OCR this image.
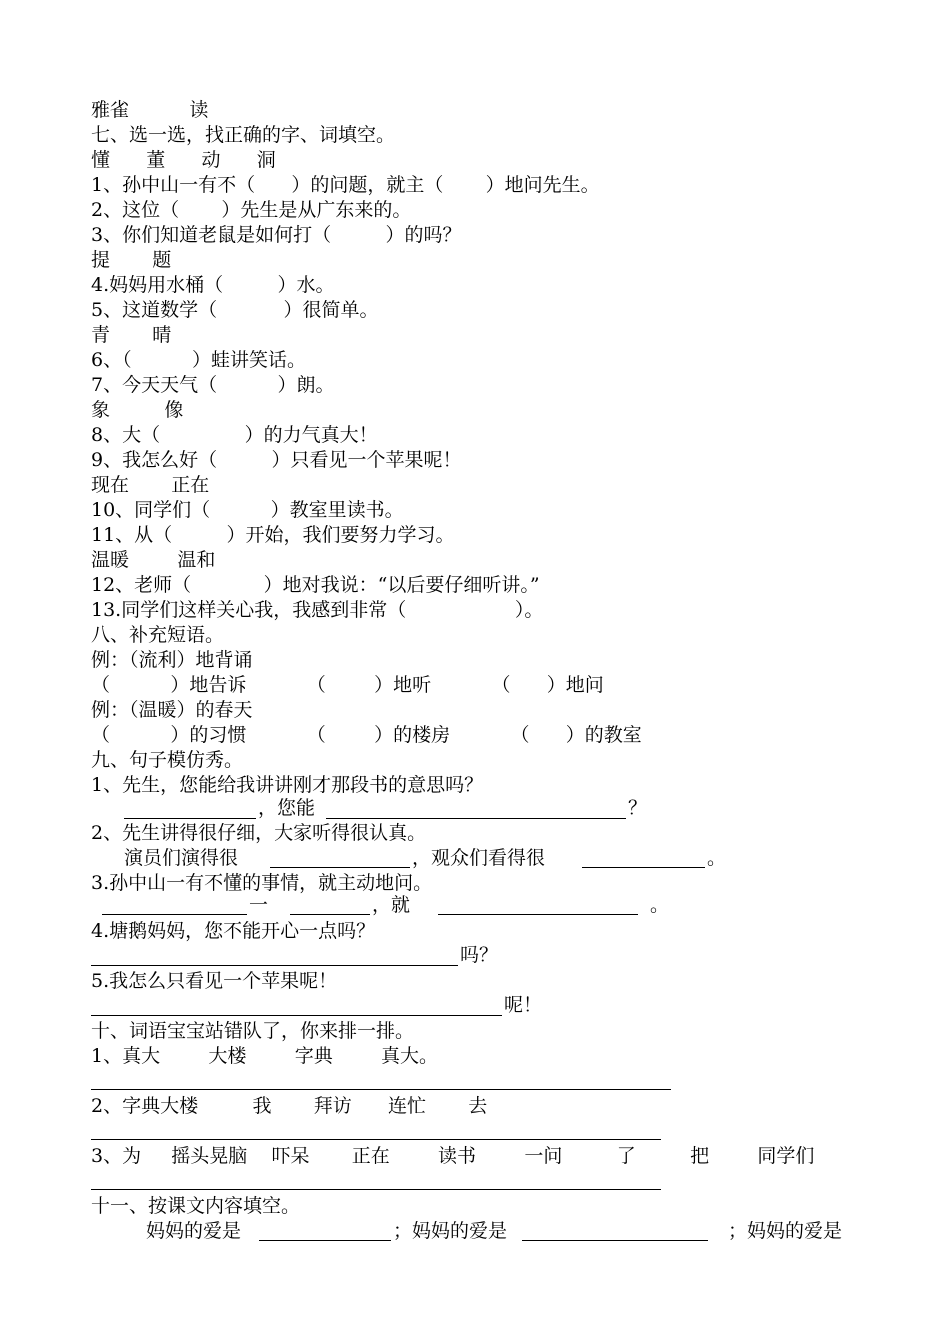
雅雀          读

七、选一选，找正确的字、词填空。

懂      董      动      洞

1、孙中山一有不（      ）的问题，就主（       ）地问先生。

2、这位（       ）先生是从广东来的。

3、你们知道老鼠是如何打（         ）的吗？

提       题

4.妈妈用水桶（         ）水。

5、这道数学（           ）很简单。

青       晴

6、（          ）蛙讲笑话。

7、今天天气（          ）朗。

象         像

8、大（              ）的力气真大！

9、我怎么好（         ）只看见一个苹果呢！

现在       正在

10、同学们（          ）教室里读书。

11、从（         ）开始，我们要努力学习。

温暖        温和

12、老师（            ）地对我说：“以后要仔细听讲。”

13.同学们这样关心我，我感到非常（                  ）。

八、补充短语。

例：（流利）地背诵

（          ）地告诉          （        ）地听          （      ）地问

例：（温暖）的春天

（          ）的习惯          （        ）的楼房          （      ）的教室

九、句子模仿秀。

1、先生，您能给我讲讲刚才那段书的意思吗？

，您能	？

2、先生讲得很仔细，大家听得很认真。

演员们演得很	，观众们看得很	。

3.孙中山一有不懂的事情，就主动地问。

一	，就	。

4.塘鹅妈妈，您不能开心一点吗？

吗？

5.我怎么只看见一个苹果呢！

呢！

十、词语宝宝站错队了，你来排一排。

1、真大        大楼        字典        真大。

2、字典大楼         我       拜访      连忙       去

3、为     摇头晃脑    吓呆       正在        读书        一问         了         把        同学们

十一、按课文内容填空。

妈妈的爱是	；妈妈的爱是	；妈妈的爱是
